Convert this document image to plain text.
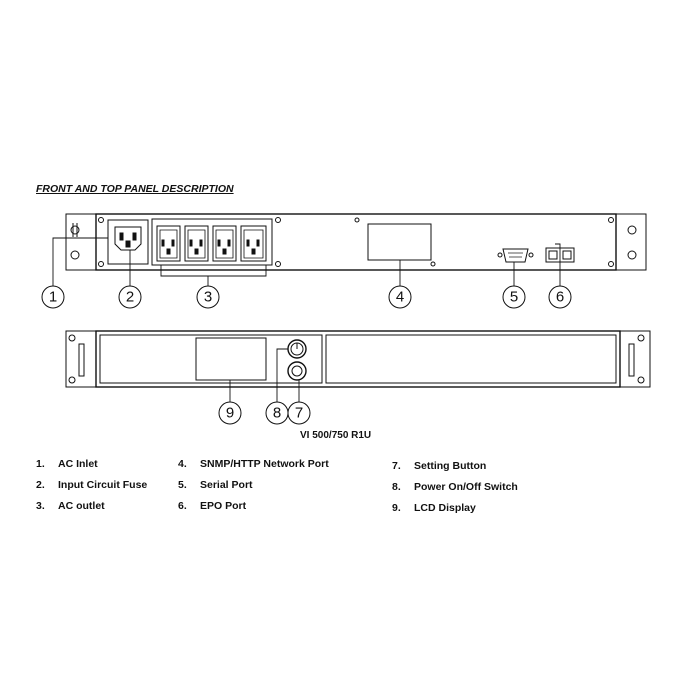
FRONT AND TOP PANEL DESCRIPTION
1	2	3	4	5	6
7
8
9
VI 500/750 R1U
1. AC Inlet
2. Input Circuit Fuse
3. AC outlet
4. SNMP/HTTP Network Port
5. Serial Port
6. EPO Port
7. Setting Button
8. Power On/Off Switch
9. LCD Display
